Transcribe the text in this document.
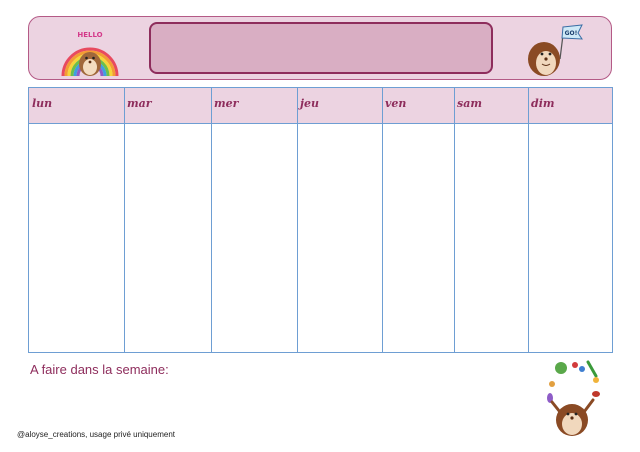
HELLO	GO!
lun	mar	mer	jeu	ven	sam	dim
A faire dans la semaine:
@aloyse_creations, usage privé uniquement
